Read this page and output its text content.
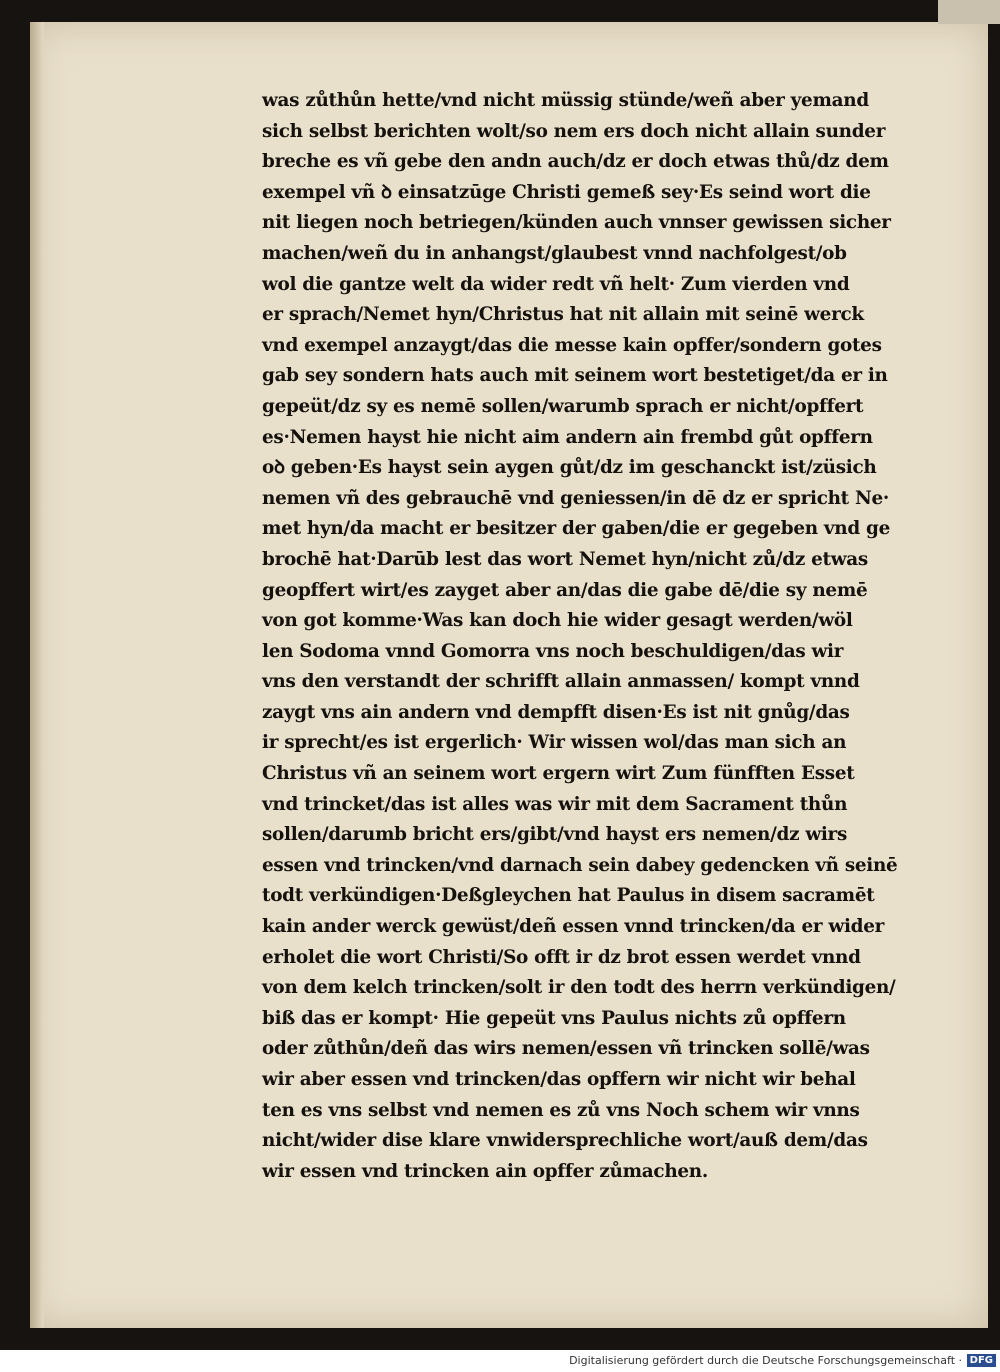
was zůthůn hette/vnd nicht müssig stünde/weñ aber yemand
sich selbst berichten wolt/so nem ers doch nicht allain sunder
breche es vñ gebe den andn auch/dz er doch etwas thů/dz dem
exempel vñ ꝺ einsatzūge Christi gemeß sey·Es seind wort die
nit liegen noch betriegen/künden auch vnnser gewissen sicher
machen/weñ du in anhangst/glaubest vnnd nachfolgest/ob
wol die gantze welt da wider redt vñ helt· Zum vierden vnd
er sprach/Nemet hyn/Christus hat nit allain mit seinē werck
vnd exempel anzaygt/das die messe kain opffer/sondern gotes
gab sey sondern hats auch mit seinem wort bestetiget/da er in
gepeüt/dz sy es nemē sollen/warumb sprach er nicht/opffert
es·Nemen hayst hie nicht aim andern ain frembd gůt opffern
oꝺ geben·Es hayst sein aygen gůt/dz im geschanckt ist/züsich
nemen vñ des gebrauchē vnd geniessen/in dē dz er spricht Ne·
met hyn/da macht er besitzer der gaben/die er gegeben vnd ge
brochē hat·Darūb lest das wort Nemet hyn/nicht zů/dz etwas
geopffert wirt/es zayget aber an/das die gabe dē/die sy nemē
von got komme·Was kan doch hie wider gesagt werden/wöl
len Sodoma vnnd Gomorra vns noch beschuldigen/das wir
vns den verstandt der schrifft allain anmassen/ kompt vnnd
zaygt vns ain andern vnd dempfft disen·Es ist nit gnůg/das
ir sprecht/es ist ergerlich· Wir wissen wol/das man sich an
Christus vñ an seinem wort ergern wirt Zum fünfften Esset
vnd trincket/das ist alles was wir mit dem Sacrament thůn
sollen/darumb bricht ers/gibt/vnd hayst ers nemen/dz wirs
essen vnd trincken/vnd darnach sein dabey gedencken vñ seinē
todt verkündigen·Deßgleychen hat Paulus in disem sacramēt
kain ander werck gewüst/deñ essen vnnd trincken/da er wider
erholet die wort Christi/So offt ir dz brot essen werdet vnnd
von dem kelch trincken/solt ir den todt des herrn verkündigen/
biß das er kompt· Hie gepeüt vns Paulus nichts zů opffern
oder zůthůn/deñ das wirs nemen/essen vñ trincken sollē/was
wir aber essen vnd trincken/das opffern wir nicht wir behal
ten es vns selbst vnd nemen es zů vns Noch schem wir vnns
nicht/wider dise klare vnwidersprechliche wort/auß dem/das
wir essen vnd trincken ain opffer zůmachen.
Digitalisierung gefördert durch die Deutsche Forschungsgemeinschaft · DFG
